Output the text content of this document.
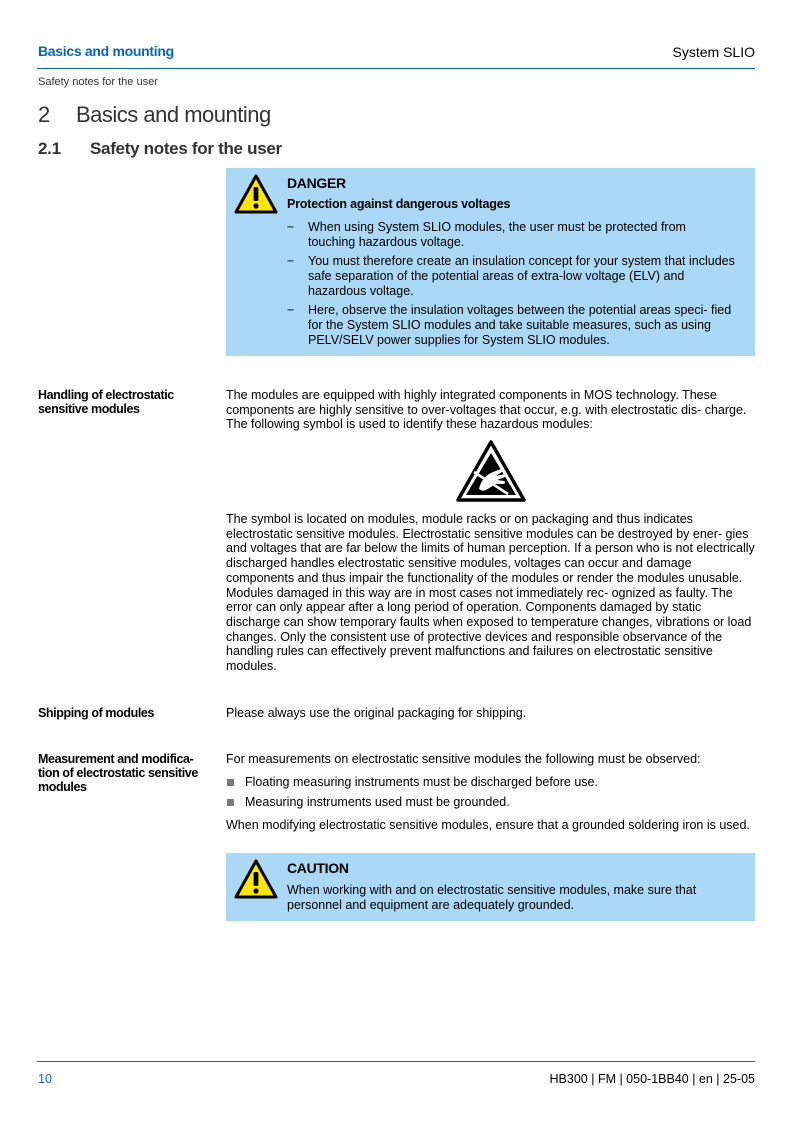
Basics and mounting	System SLIO
Safety notes for the user
2 Basics and mounting
2.1 Safety notes for the user
DANGER
Protection against dangerous voltages
− When using System SLIO modules, the user must be protected from touching hazardous voltage.
− You must therefore create an insulation concept for your system that includes safe separation of the potential areas of extra-low voltage (ELV) and hazardous voltage.
− Here, observe the insulation voltages between the potential areas speci- fied for the System SLIO modules and take suitable measures, such as using PELV/SELV power supplies for System SLIO modules.
Handling of electrostatic sensitive modules
The modules are equipped with highly integrated components in MOS technology. These components are highly sensitive to over-voltages that occur, e.g. with electrostatic dis- charge. The following symbol is used to identify these hazardous modules:
The symbol is located on modules, module racks or on packaging and thus indicates electrostatic sensitive modules. Electrostatic sensitive modules can be destroyed by ener- gies and voltages that are far below the limits of human perception. If a person who is not electrically discharged handles electrostatic sensitive modules, voltages can occur and damage components and thus impair the functionality of the modules or render the modules unusable. Modules damaged in this way are in most cases not immediately rec- ognized as faulty. The error can only appear after a long period of operation. Components damaged by static discharge can show temporary faults when exposed to temperature changes, vibrations or load changes. Only the consistent use of protective devices and responsible observance of the handling rules can effectively prevent malfunctions and failures on electrostatic sensitive modules.
Shipping of modules	Please always use the original packaging for shipping.
Measurement and modifica- tion of electrostatic sensitive modules
For measurements on electrostatic sensitive modules the following must be observed:
Floating measuring instruments must be discharged before use.
Measuring instruments used must be grounded.
When modifying electrostatic sensitive modules, ensure that a grounded soldering iron is used.
CAUTION
When working with and on electrostatic sensitive modules, make sure that personnel and equipment are adequately grounded.
10	HB300 | FM | 050-1BB40 | en | 25-05
